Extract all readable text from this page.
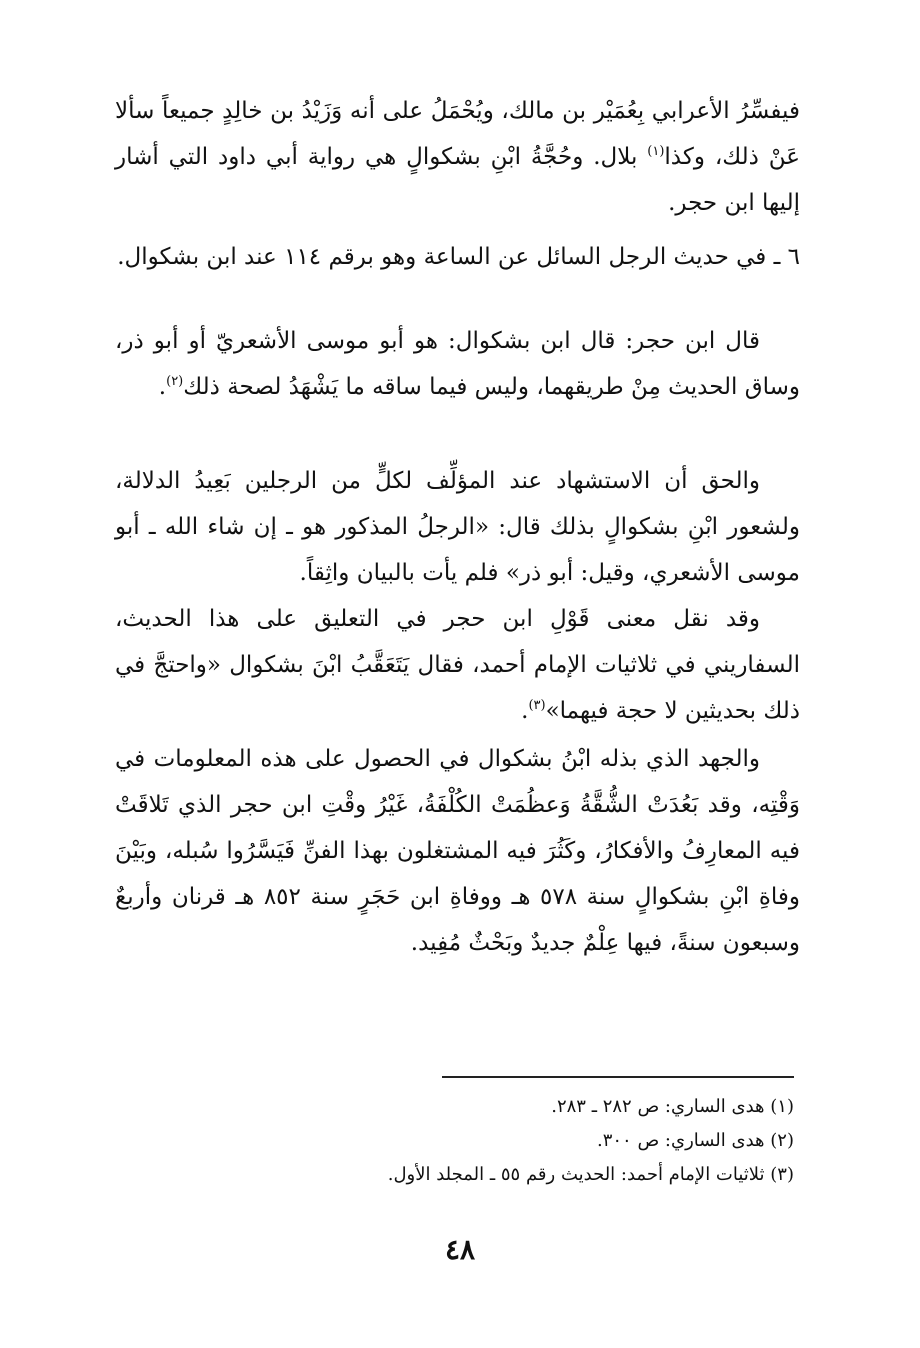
فيفسِّرُ الأعرابي بِعُمَيْر بن مالك، ويُحْمَلُ على أنه وَزَيْدُ بن خالِدٍ جميعاً سألا عَنْ ذلك، وكذا$^{(١)}$ بلال. وحُجَّةُ ابْنِ بشكوالٍ هي رواية أبي داود التي أشار إليها ابن حجر.

٦ ـ في حديث الرجل السائل عن الساعة وهو برقم ١١٤ عند ابن بشكوال.

قال ابن حجر: قال ابن بشكوال: هو أبو موسى الأشعريّ أو أبو ذر، وساق الحديث مِنْ طريقهما، وليس فيما ساقه ما يَشْهَدُ لصحة ذلك$^{(٢)}$.

والحق أن الاستشهاد عند المؤلِّف لكلٍّ من الرجلين بَعِيدُ الدلالة، ولشعور ابْنِ بشكوالٍ بذلك قال: «الرجلُ المذكور هو ـ إن شاء الله ـ أبو موسى الأشعري، وقيل: أبو ذر» فلم يأت بالبيان واثِقاً.

وقد نقل معنى قَوْلِ ابن حجر في التعليق على هذا الحديث، السفاريني في ثلاثيات الإمام أحمد، فقال يَتَعَقَّبُ ابْنَ بشكوال «واحتجَّ في ذلك بحديثين لا حجة فيهما»$^{(٣)}$.

والجهد الذي بذله ابْنُ بشكوال في الحصول على هذه المعلومات في وَقْتِه، وقد بَعُدَتْ الشُّقَّةُ وَعظُمَتْ الكُلْفَةُ، غَيْرُ وقْتِ ابن حجر الذي تَلاقَتْ فيه المعارِفُ والأفكارُ، وكَثُرَ فيه المشتغلون بهذا الفنِّ فَيَسَّرُوا سُبله، وبَيْنَ وفاةِ ابْنِ بشكوالٍ سنة ٥٧٨ هـ ووفاةِ ابن حَجَرٍ سنة ٨٥٢ هـ قرنان وأربعٌ وسبعون سنةً، فيها عِلْمٌ جديدٌ وبَحْثٌ مُفِيد.

(١) هدى الساري: ص ٢٨٢ ـ ٢٨٣.

(٢) هدى الساري: ص ٣٠٠.

(٣) ثلاثيات الإمام أحمد: الحديث رقم ٥٥ ـ المجلد الأول.

٤٨
